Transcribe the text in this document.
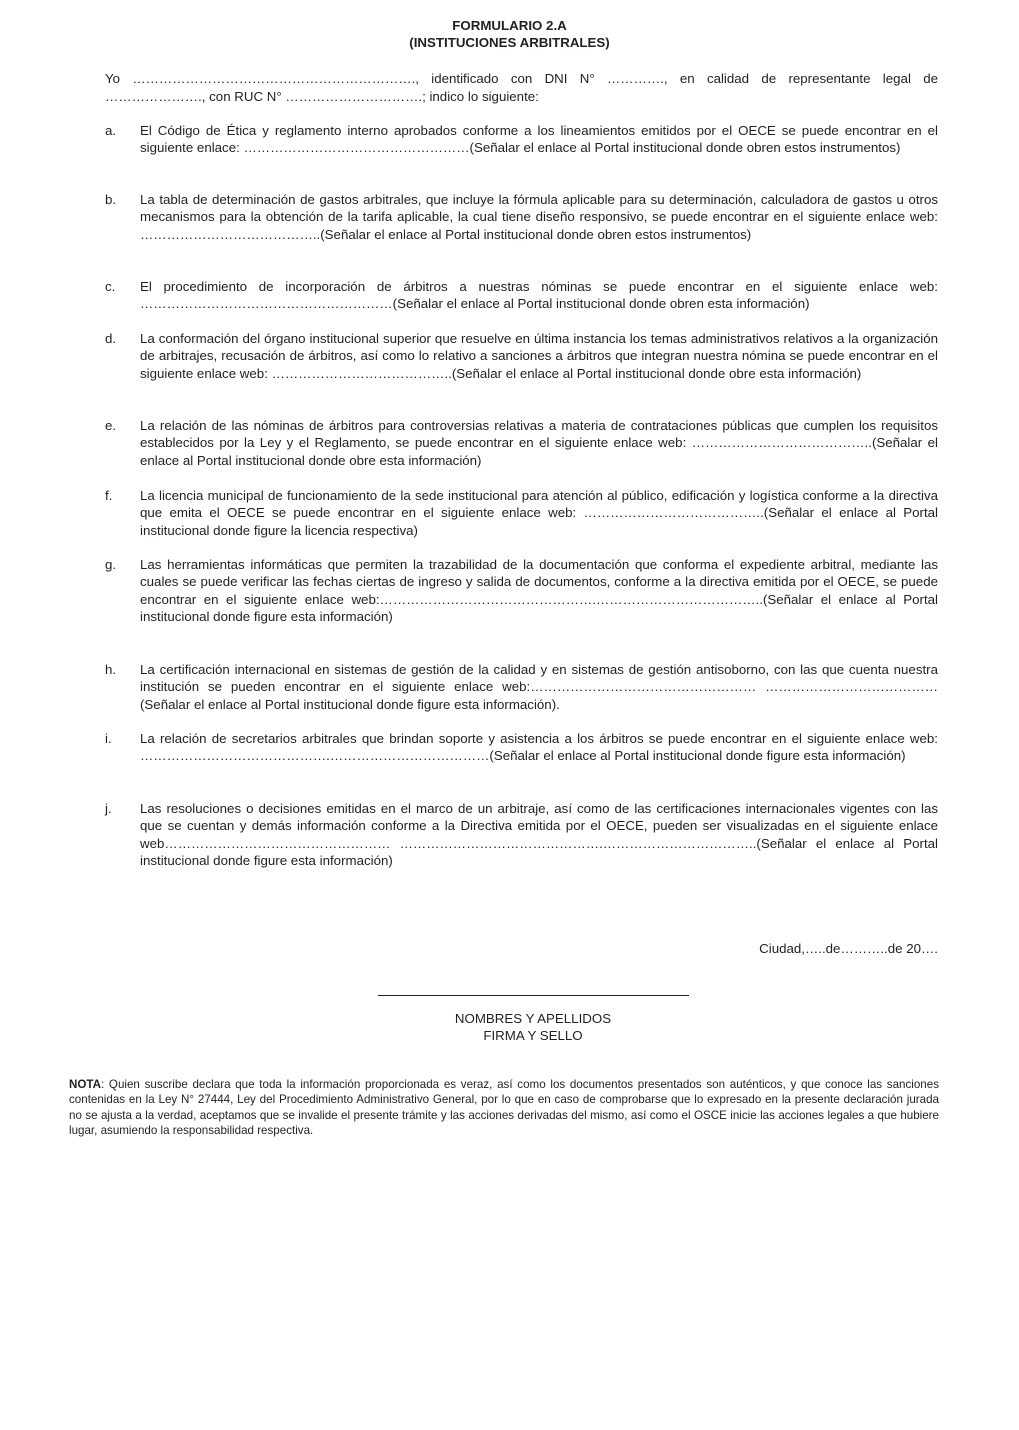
FORMULARIO 2.A
(INSTITUCIONES ARBITRALES)
Yo ………………………………………………………., identificado con DNI N° …………., en calidad de representante legal de …………………., con RUC N° ………………………….; indico lo siguiente:
a.	El Código de Ética y reglamento interno aprobados conforme a los lineamientos emitidos por el OECE se puede encontrar en el siguiente enlace: ……………………………………………(Señalar el enlace al Portal institucional donde obren estos instrumentos)
b.	La tabla de determinación de gastos arbitrales, que incluye la fórmula aplicable para su determinación, calculadora de gastos u otros mecanismos para la obtención de la tarifa aplicable, la cual tiene diseño responsivo, se puede encontrar en el siguiente enlace web: …………………………………..(Señalar el enlace al Portal institucional donde obren estos instrumentos)
c.	El procedimiento de incorporación de árbitros a nuestras nóminas se puede encontrar en el siguiente enlace web: …………………………………………………(Señalar el enlace al Portal institucional donde obren esta información)
d.	La conformación del órgano institucional superior que resuelve en última instancia los temas administrativos relativos a la organización de arbitrajes, recusación de árbitros, así como lo relativo a sanciones a árbitros que integran nuestra nómina se puede encontrar en el siguiente enlace web: …………………………………..(Señalar el enlace al Portal institucional donde obre esta información)
e.	La relación de las nóminas de árbitros para controversias relativas a materia de contrataciones públicas que cumplen los requisitos establecidos por la Ley y el Reglamento, se puede encontrar en el siguiente enlace web: …………………………………..(Señalar el enlace al Portal institucional donde obre esta información)
f.	La licencia municipal de funcionamiento de la sede institucional para atención al público, edificación y logística conforme a la directiva que emita el OECE se puede encontrar en el siguiente enlace web: …………………………………..(Señalar el enlace al Portal institucional donde figure la licencia respectiva)
g.	Las herramientas informáticas que permiten la trazabilidad de la documentación que conforma el expediente arbitral, mediante las cuales se puede verificar las fechas ciertas de ingreso y salida de documentos, conforme a la directiva emitida por el OECE, se puede encontrar en el siguiente enlace web:………………………………………….………………………………..(Señalar el enlace al Portal institucional donde figure esta información)
h.	La certificación internacional en sistemas de gestión de la calidad y en sistemas de gestión antisoborno, con las que cuenta nuestra institución se pueden encontrar en el siguiente enlace web:…………………………………………… ………………………………… (Señalar el enlace al Portal institucional donde figure esta información).
i.	La relación de secretarios arbitrales que brindan soporte y asistencia a los árbitros se puede encontrar en el siguiente enlace web: …………………………………….………………………………(Señalar el enlace al Portal institucional donde figure esta información)
j.	Las resoluciones o decisiones emitidas en el marco de un arbitraje, así como de las certificaciones internacionales vigentes con las que se cuentan y demás información conforme a la Directiva emitida por el OECE, pueden ser visualizadas en el siguiente enlace web…………………………………………… ……………………………………….……………………………..(Señalar el enlace al Portal institucional donde figure esta información)
Ciudad,…..de………..de 20….
NOMBRES Y APELLIDOS
FIRMA Y SELLO
NOTA: Quien suscribe declara que toda la información proporcionada es veraz, así como los documentos presentados son auténticos, y que conoce las sanciones contenidas en la Ley N° 27444, Ley del Procedimiento Administrativo General, por lo que en caso de comprobarse que lo expresado en la presente declaración jurada no se ajusta a la verdad, aceptamos que se invalide el presente trámite y las acciones derivadas del mismo, así como el OSCE inicie las acciones legales a que hubiere lugar, asumiendo la responsabilidad respectiva.
